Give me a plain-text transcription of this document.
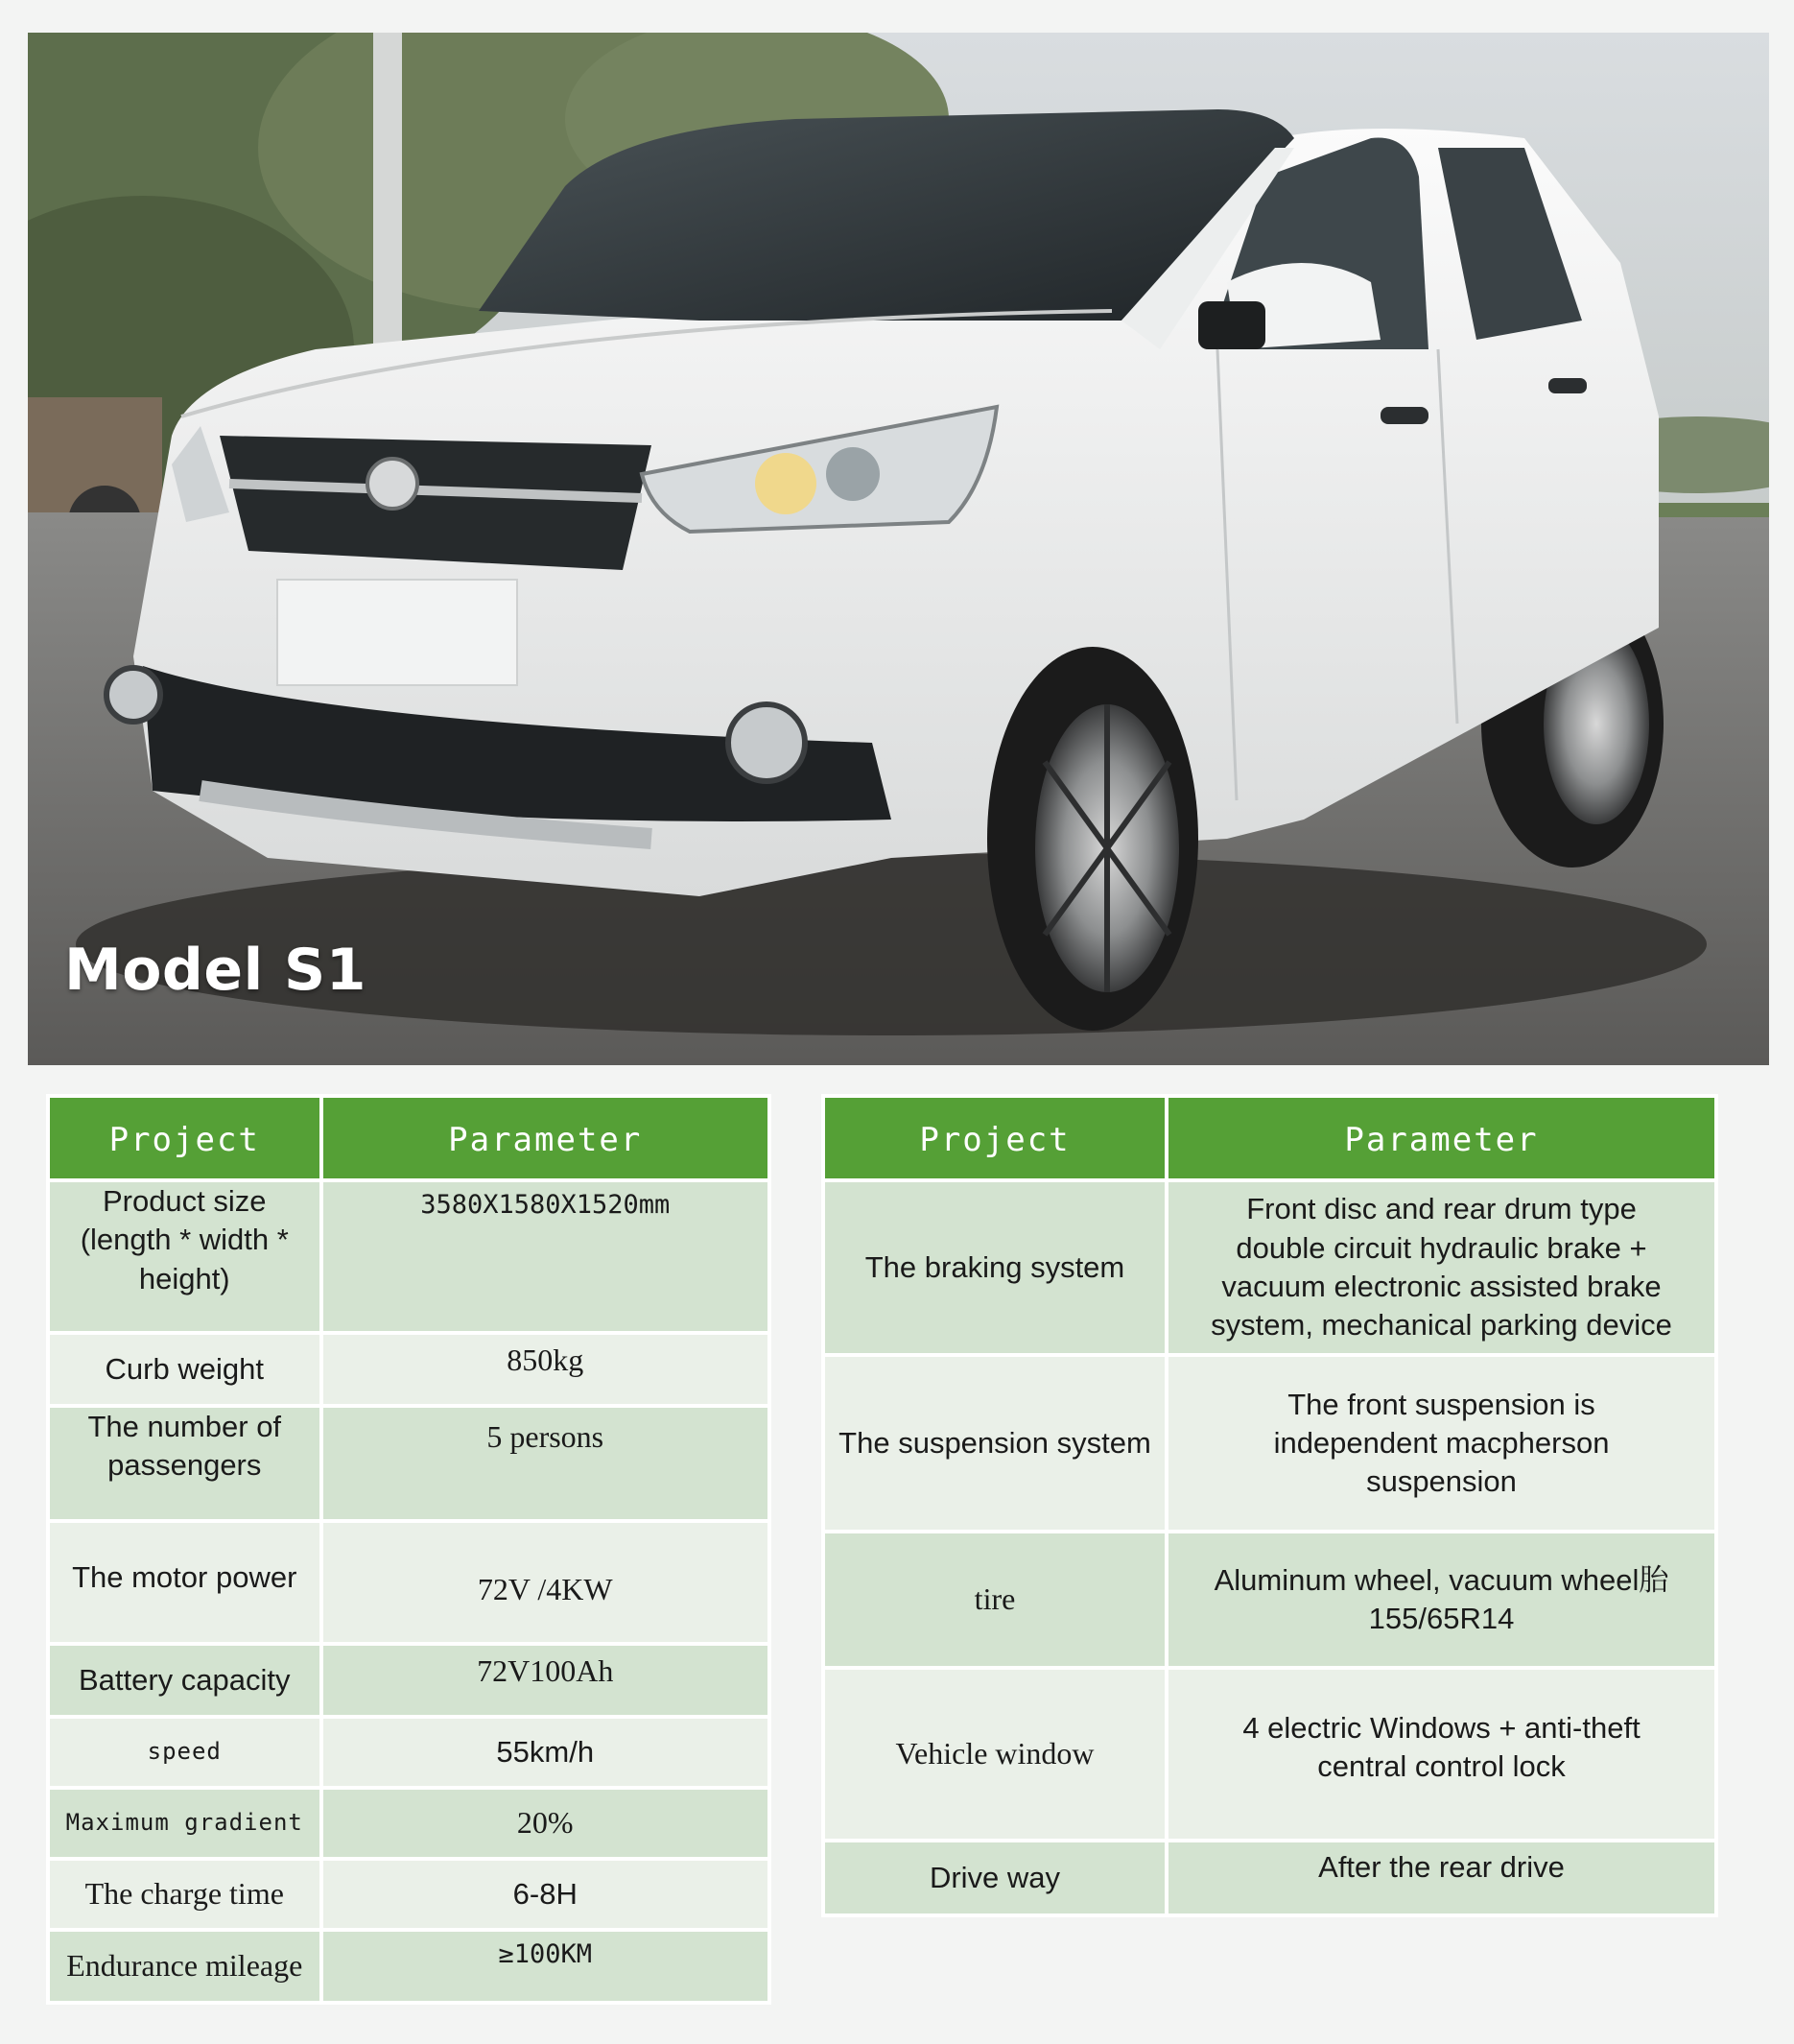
Model S1
Project	Parameter
Product size
(length * width *
height)	3580X1580X1520mm
Curb weight	850kg
The number of
passengers	5 persons
The motor power	72V /4KW
Battery capacity	72V100Ah
speed	55km/h
Maximum gradient	20%
The charge time	6-8H
Endurance mileage	≥100KM
Project	Parameter
The braking system	Front disc and rear drum type
double circuit hydraulic brake +
vacuum electronic assisted brake
system, mechanical parking device
The suspension system	The front suspension is
independent macpherson
suspension
tire	Aluminum wheel, vacuum wheel胎
155/65R14
Vehicle window	4 electric Windows + anti-theft
central control lock
Drive way	After the rear drive
